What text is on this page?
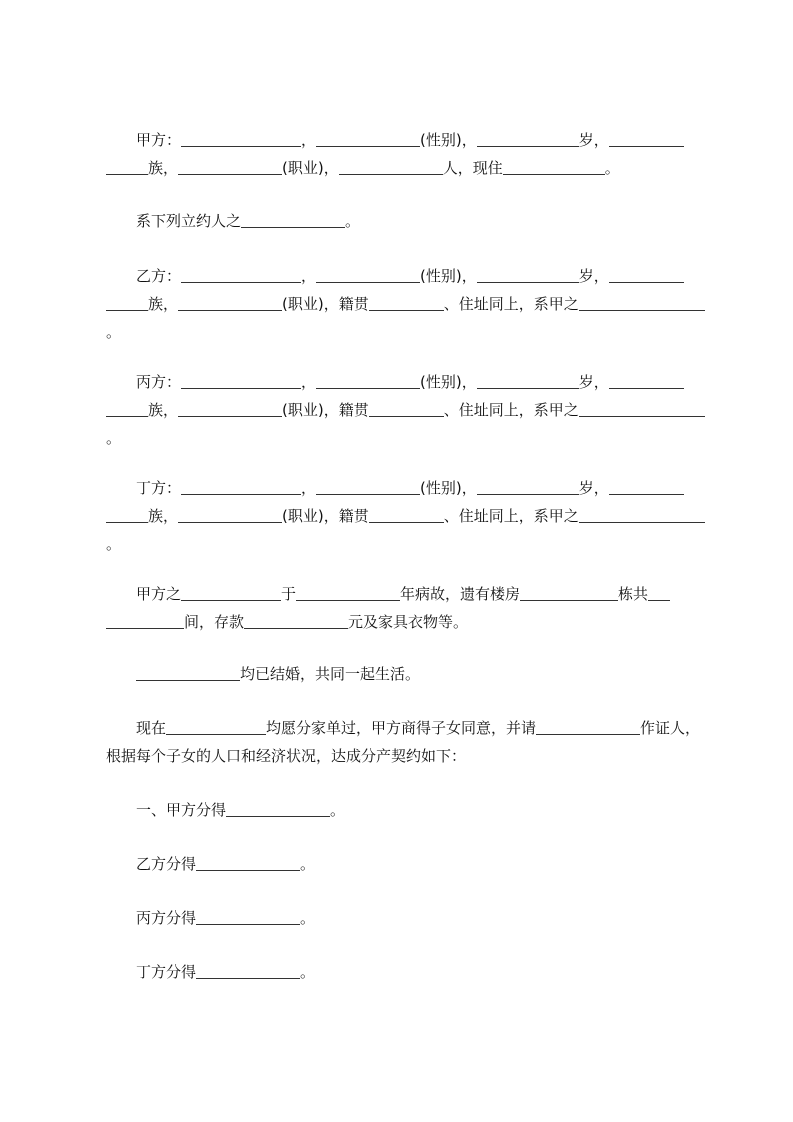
甲方：	，	(性别)，	岁，族，	(职业)，	人，现住	。
系下列立约人之	。
乙方：	，	(性别)，	岁，族，	(职业)，籍贯	、住址同上，系甲之。
丙方：	，	(性别)，	岁，族，	(职业)，籍贯	、住址同上，系甲之。
丁方：	，	(性别)，	岁，族，	(职业)，籍贯	、住址同上，系甲之。
甲方之	于	年病故，遗有楼房	栋共间，存款	元及家具衣物等。
均已结婚，共同一起生活。
现在	均愿分家单过，甲方商得子女同意，并请	作证人，根据每个子女的人口和经济状况，达成分产契约如下：
一、甲方分得	。
乙方分得	。
丙方分得	。
丁方分得	。
